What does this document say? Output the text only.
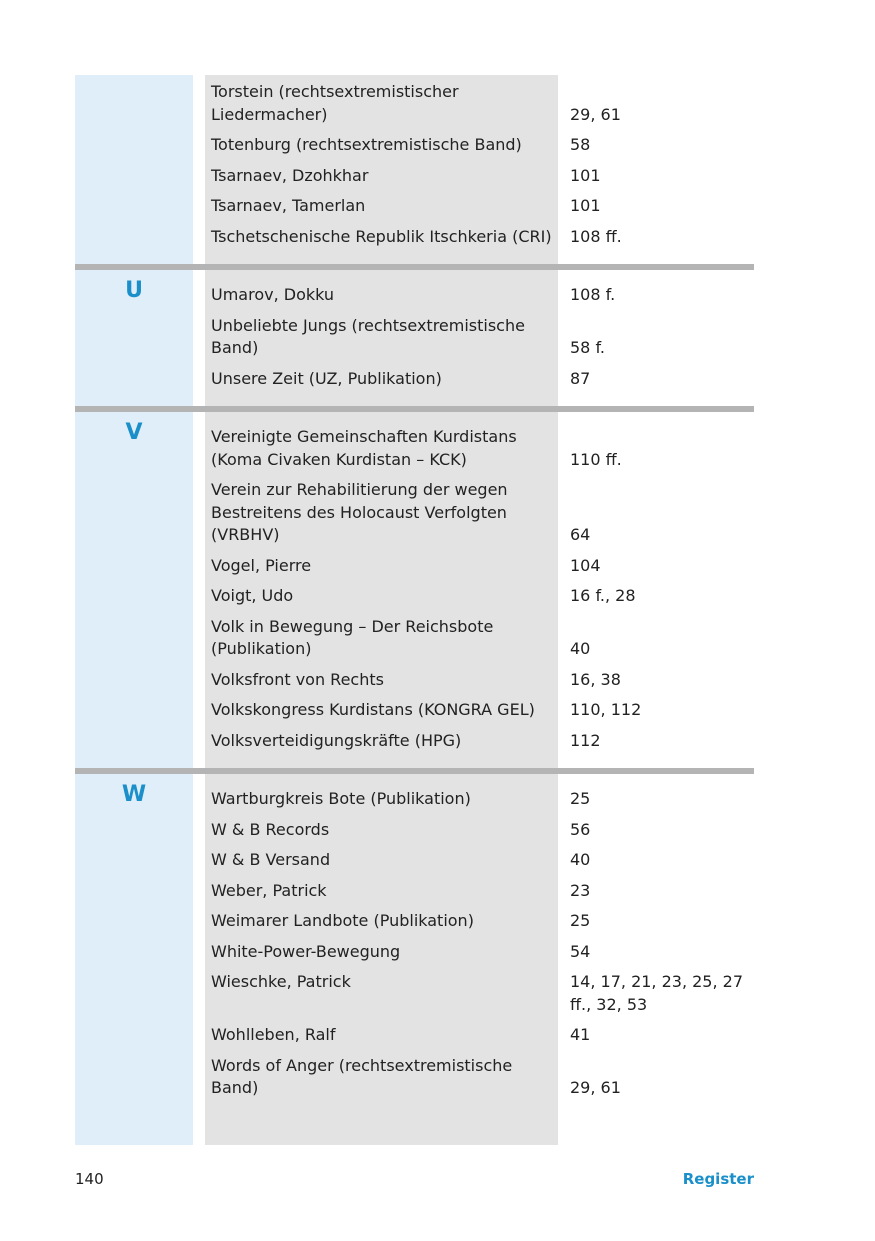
Torstein (rechtsextremistischer Liedermacher)	29, 61
Totenburg (rechtsextremistische Band)	58
Tsarnaev, Dzohkhar	101
Tsarnaev, Tamerlan	101
Tschetschenische Republik Itschkeria (CRI)	108 ff.
U	Umarov, Dokku	108 f.
Unbeliebte Jungs (rechtsextremistische Band)	58 f.
Unsere Zeit (UZ, Publikation)	87
V	Vereinigte Gemeinschaften Kurdistans (Koma Civaken Kurdistan – KCK)	110 ff.
Verein zur Rehabilitierung der wegen Bestreitens des Holocaust Verfolgten (VRBHV)	64
Vogel, Pierre	104
Voigt, Udo	16 f., 28
Volk in Bewegung – Der Reichsbote (Publikation)	40
Volksfront von Rechts	16, 38
Volkskongress Kurdistans (KONGRA GEL)	110, 112
Volksverteidigungskräfte (HPG)	112
W	Wartburgkreis Bote (Publikation)	25
W & B Records	56
W & B Versand	40
Weber, Patrick	23
Weimarer Landbote (Publikation)	25
White-Power-Bewegung	54
Wieschke, Patrick	14, 17, 21, 23, 25, 27 ff., 32, 53
Wohlleben, Ralf	41
Words of Anger (rechtsextremistische Band)	29, 61
140	Register
